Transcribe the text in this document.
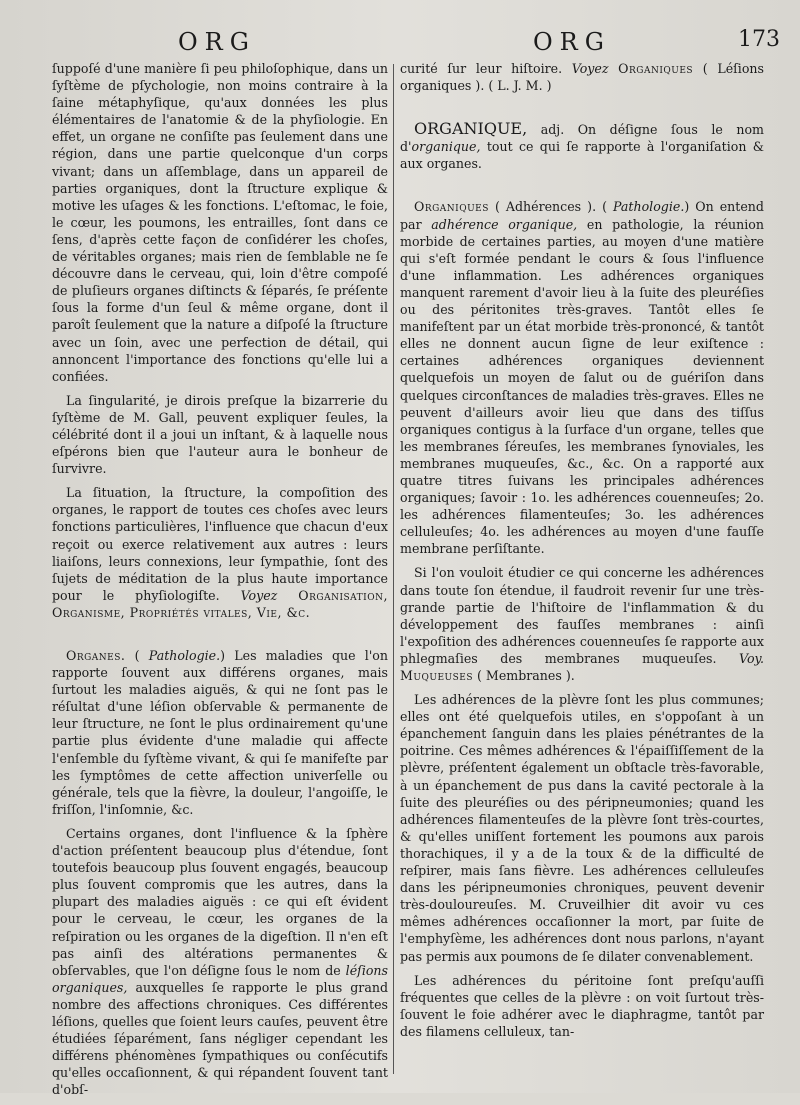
ORG	ORG	173

ſuppoſé d'une manière ſi peu philoſophique, dans un ſyſtème de pſychologie, non moins contraire à la ſaine métaphyſique, qu'aux données les plus élémentaires de l'anatomie & de la phyſiologie. En effet, un organe ne conſiſte pas ſeulement dans une région, dans une partie quelconque d'un corps vivant; dans un aſſemblage, dans un appareil de parties organiques, dont la ſtructure explique & motive les uſages & les fonctions. L'eſtomac, le foie, le cœur, les poumons, les entrailles, ſont dans ce ſens, d'après cette façon de conſidérer les choſes, de véritables organes; mais rien de ſemblable ne ſe découvre dans le cerveau, qui, loin d'être compoſé de pluſieurs organes diſtincts & ſéparés, ſe préſente ſous la forme d'un ſeul & même organe, dont il paroît ſeulement que la nature a diſpoſé la ſtructure avec un ſoin, avec une perfection de détail, qui annoncent l'importance des fonctions qu'elle lui a confiées.

La ſingularité, je dirois preſque la bizarrerie du ſyſtème de M. Gall, peuvent expliquer ſeules, la célébrité dont il a joui un inſtant, & à laquelle nous eſpérons bien que l'auteur aura le bonheur de ſurvivre.

La ſituation, la ſtructure, la compoſition des organes, le rapport de toutes ces choſes avec leurs fonctions particulières, l'influence que chacun d'eux reçoit ou exerce relativement aux autres : leurs liaiſons, leurs connexions, leur ſympathie, ſont des ſujets de méditation de la plus haute importance pour le phyſiologiſte. Voyez Organisation, Organisme, Propriétés vitales, Vie, &c.

Organes. ( Pathologie.) Les maladies que l'on rapporte ſouvent aux différens organes, mais ſurtout les maladies aiguës, & qui ne ſont pas le réſultat d'une léſion obſervable & permanente de leur ſtructure, ne ſont le plus ordinairement qu'une partie plus évidente d'une maladie qui affecte l'enſemble du ſyſtème vivant, & qui ſe manifeſte par les ſymptômes de cette affection univerſelle ou générale, tels que la fièvre, la douleur, l'angoiſſe, le friſſon, l'inſomnie, &c.

Certains organes, dont l'influence & la ſphère d'action préſentent beaucoup plus d'étendue, ſont toutefois beaucoup plus ſouvent engagés, beaucoup plus ſouvent compromis que les autres, dans la plupart des maladies aiguës : ce qui eſt évident pour le cerveau, le cœur, les organes de la reſpiration ou les organes de la digeſtion. Il n'en eſt pas ainſi des altérations permanentes & obſervables, que l'on déſigne ſous le nom de léſions organiques, auxquelles ſe rapporte le plus grand nombre des affections chroniques. Ces différentes léſions, quelles que ſoient leurs cauſes, peuvent être étudiées ſéparément, ſans négliger cependant les différens phénomènes ſympathiques ou conſécutifs qu'elles occaſionnent, & qui répandent ſouvent tant d'obſ-

curité ſur leur hiſtoire. Voyez Organiques ( Léſions organiques ). ( L. J. M. )

ORGANIQUE, adj. On déſigne ſous le nom d'organique, tout ce qui ſe rapporte à l'organiſation & aux organes.

Organiques ( Adhérences ). ( Pathologie.) On entend par adhérence organique, en pathologie, la réunion morbide de certaines parties, au moyen d'une matière qui s'eſt formée pendant le cours & ſous l'influence d'une inflammation. Les adhérences organiques manquent rarement d'avoir lieu à la ſuite des pleuréſies ou des péritonites très-graves. Tantôt elles ſe manifeſtent par un état morbide très-prononcé, & tantôt elles ne donnent aucun ſigne de leur exiſtence : certaines adhérences organiques deviennent quelquefois un moyen de ſalut ou de guériſon dans quelques circonſtances de maladies très-graves. Elles ne peuvent d'ailleurs avoir lieu que dans des tiſſus organiques contigus à la ſurface d'un organe, telles que les membranes ſéreuſes, les membranes ſynoviales, les membranes muqueuſes, &c., &c. On a rapporté aux quatre titres ſuivans les principales adhérences organiques; ſavoir : 1o. les adhérences couenneuſes; 2o. les adhérences filamenteuſes; 3o. les adhérences celluleuſes; 4o. les adhérences au moyen d'une fauſſe membrane perſiſtante.

Si l'on vouloit étudier ce qui concerne les adhérences dans toute ſon étendue, il faudroit revenir ſur une très-grande partie de l'hiſtoire de l'inflammation & du développement des fauſſes membranes : ainſi l'expoſition des adhérences couenneuſes ſe rapporte aux phlegmaſies des membranes muqueuſes. Voy. Muqueuses ( Membranes ).

Les adhérences de la plèvre ſont les plus communes; elles ont été quelquefois utiles, en s'oppoſant à un épanchement ſanguin dans les plaies pénétrantes de la poitrine. Ces mêmes adhérences & l'épaiſſiſſement de la plèvre, préſentent également un obſtacle très-favorable, à un épanchement de pus dans la cavité pectorale à la ſuite des pleuréſies ou des péripneumonies; quand les adhérences filamenteuſes de la plèvre ſont très-courtes, & qu'elles uniſſent fortement les poumons aux parois thorachiques, il y a de la toux & de la difficulté de reſpirer, mais ſans fièvre. Les adhérences celluleuſes dans les péripneumonies chroniques, peuvent devenir très-douloureuſes. M. Cruveilhier dit avoir vu ces mêmes adhérences occaſionner la mort, par ſuite de l'emphyſème, les adhérences dont nous parlons, n'ayant pas permis aux poumons de ſe dilater convenablement.

Les adhérences du péritoine ſont preſqu'auſſi fréquentes que celles de la plèvre : on voit ſurtout très-ſouvent le foie adhérer avec le diaphragme, tantôt par des filamens celluleux, tan-
